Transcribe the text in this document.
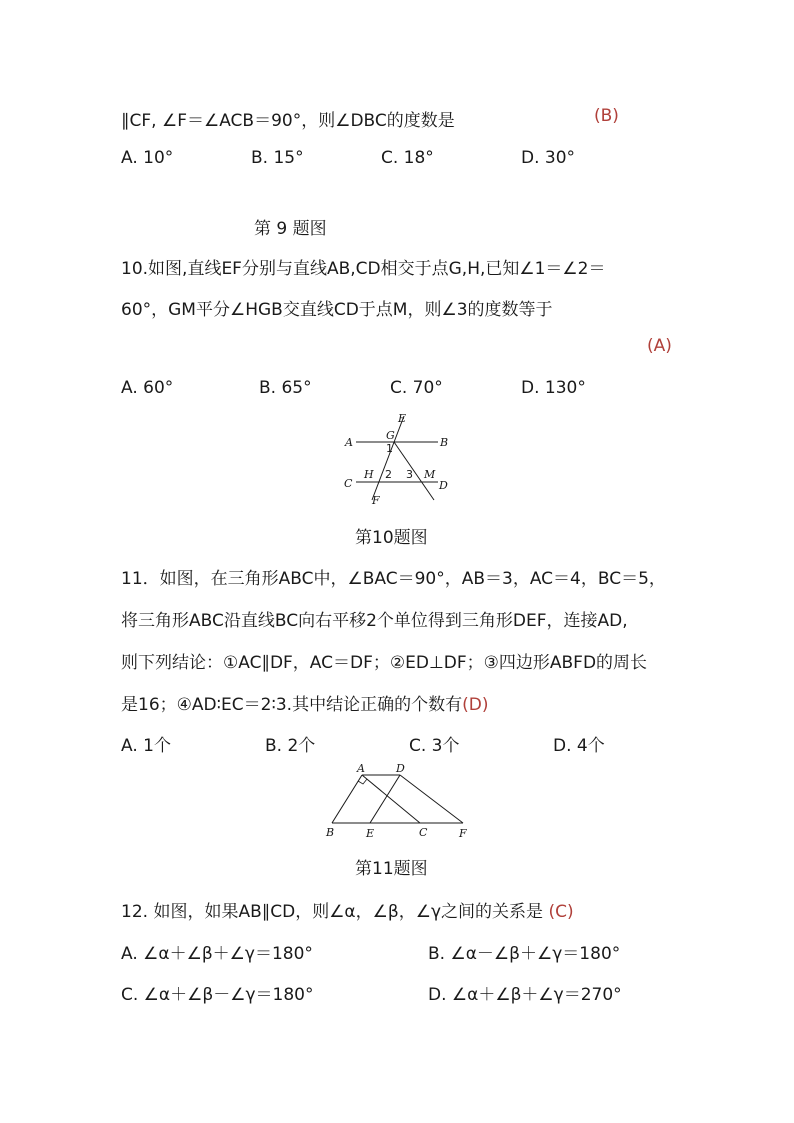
∥CF, ∠F＝∠ACB＝90°，则∠DBC的度数是	(B)
A. 10°	B. 15°	C. 18°	D. 30°
第 9 题图
10.如图,直线EF分别与直线AB,CD相交于点G,H,已知∠1＝∠2＝
60°，GM平分∠HGB交直线CD于点M，则∠3的度数等于
(A)
A. 60°	B. 65°	C. 70°	D. 130°
E
G
A	B
1
H 2 3 M
C	D
F
第10题图
11．如图，在三角形ABC中，∠BAC＝90°，AB＝3，AC＝4，BC＝5，
将三角形ABC沿直线BC向右平移2个单位得到三角形DEF，连接AD,
则下列结论：①AC∥DF，AC＝DF；②ED⊥DF；③四边形ABFD的周长
是16；④AD∶EC＝2∶3.其中结论正确的个数有(D)
A. 1个	B. 2个	C. 3个	D. 4个
A	D
B	E	C	F
第11题图
12. 如图，如果AB∥CD，则∠α，∠β，∠γ之间的关系是 (C)
A. ∠α＋∠β＋∠γ＝180°	B. ∠α－∠β＋∠γ＝180°
C. ∠α＋∠β－∠γ＝180°	D. ∠α＋∠β＋∠γ＝270°
